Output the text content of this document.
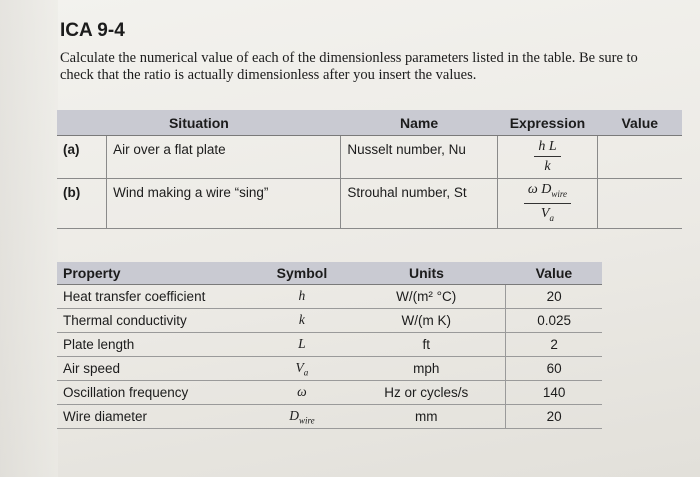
ICA 9-4
Calculate the numerical value of each of the dimensionless parameters listed in the table. Be sure to check that the ratio is actually dimensionless after you insert the values.
Situation		Name	Expression	Value
(a)	Air over a flat plate	Nusselt number, Nu	$\frac{\text{h L}}{k}$

(b)	Wind making a wire “sing”	Strouhal number, St	$\frac{\omega D_{wire}}{V_a}$

Property	Symbol	Units	Value
Heat transfer coefficient	h	W/(m² °C)	20
Thermal conductivity	k	W/(m K)	0.025
Plate length	L	ft	2
Air speed	$V_a$	mph	60
Oscillation frequency	ω	Hz or cycles/s	140
Wire diameter	$D_{wire}$	mm	20
